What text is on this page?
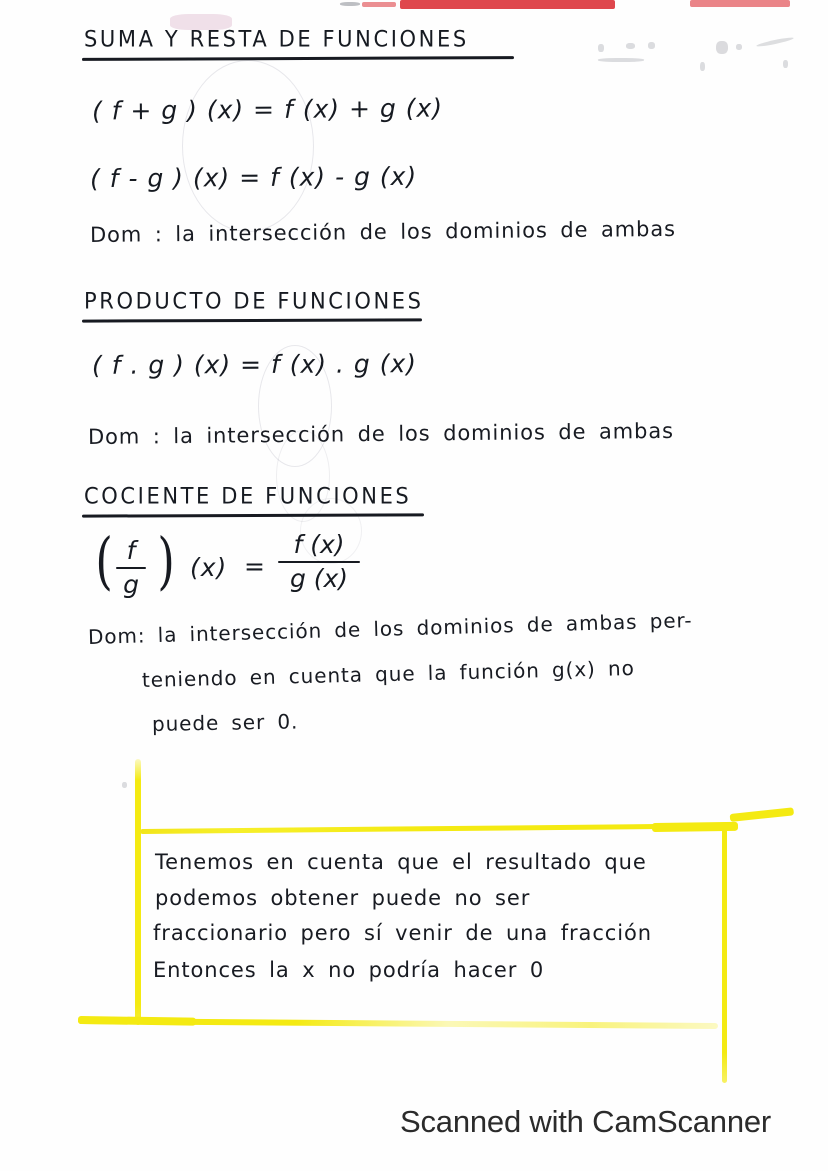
SUMA Y RESTA DE FUNCIONES
( f + g ) (x) = f (x) + g (x)
( f - g ) (x) = f (x) - g (x)
Dom : la intersección de los dominios de ambas
PRODUCTO DE FUNCIONES
( f . g ) (x) = f (x) . g (x)
Dom : la intersección de los dominios de ambas
COCIENTE DE FUNCIONES
( f
g ) (x) =
f (x)
g (x)
Dom: la intersección de los dominios de ambas per-
teniendo en cuenta que la función g(x) no
puede ser 0.
Tenemos en cuenta que el resultado que
podemos obtener puede no ser
fraccionario pero sí venir de una fracción
Entonces la x no podría hacer 0
Scanned with CamScanner
